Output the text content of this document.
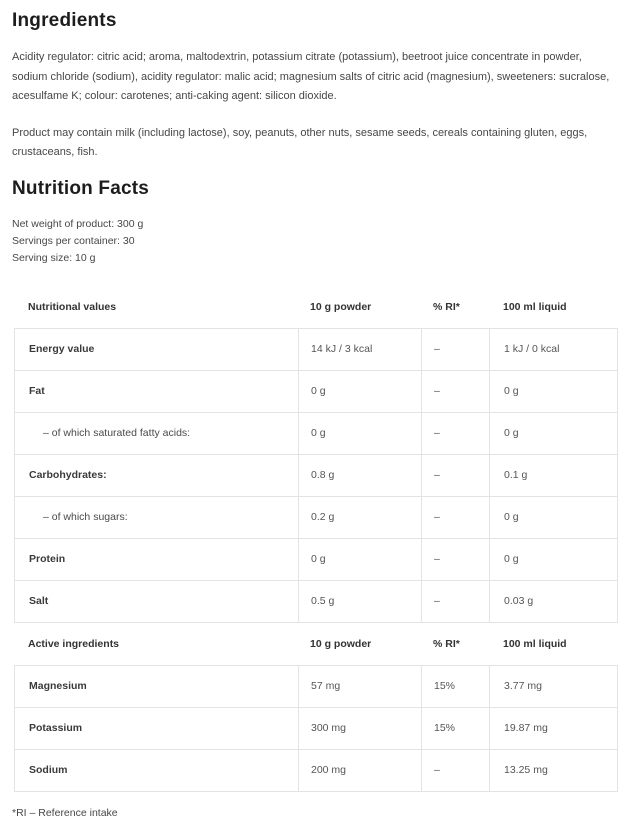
Ingredients

Acidity regulator: citric acid; aroma, maltodextrin, potassium citrate (potassium), beetroot juice concentrate in powder, sodium chloride (sodium), acidity regulator: malic acid; magnesium salts of citric acid (magnesium), sweeteners: sucralose, acesulfame K; colour: carotenes; anti-caking agent: silicon dioxide.

Product may contain milk (including lactose), soy, peanuts, other nuts, sesame seeds, cereals containing gluten, eggs, crustaceans, fish.

Nutrition Facts

Net weight of product: 300 g

Servings per container: 30

Serving size: 10 g

Nutritional values	10 g powder	% RI*	100 ml liquid
Energy value	14 kJ / 3 kcal	–	1 kJ / 0 kcal
Fat	0 g	–	0 g
– of which saturated fatty acids:	0 g	–	0 g
Carbohydrates:	0.8 g	–	0.1 g
– of which sugars:	0.2 g	–	0 g
Protein	0 g	–	0 g
Salt	0.5 g	–	0.03 g
Active ingredients	10 g powder	% RI*	100 ml liquid
Magnesium	57 mg	15%	3.77 mg
Potassium	300 mg	15%	19.87 mg
Sodium	200 mg	–	13.25 mg

*RI – Reference intake
